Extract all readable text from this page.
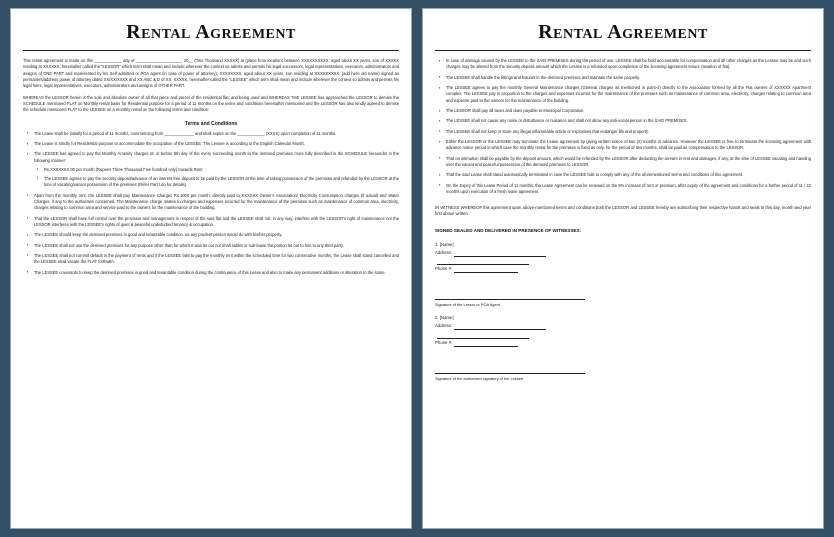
Rental Agreement

This rental agreement is made on this ____________ day of ____________________, 20__ (Two Thousand XXXXX) at (place from location) between XXXXXXXXXX, aged about XX years, son of XXXXX residing at XXXXXX, hereinafter called the "LESSOR" which term shall mean and include wherever the context so admits and permits his legal successors, legal representatives, executors, administrators and assigns of ONE PART and represented by his Self admitted or POA agent (in case of power of attorney), XXXXXXXX, aged about XX years, son residing at XXXXXXXXX, (add here old name) signed as permanent/address power of attorney dated XX/XX/XXXX and XX ABC & D of XX, XXXXX, hereinafter called the "LESSEE" which term shall mean and include wherever the context so admits and permits his legal heirs, legal representatives, executors, administrators and assigns of OTHER PART.

WHEREAS the LESSOR herein is the sole and absolute owner of all that piece and parcel of the residential flat, and being used and WHEREAS THE LESSEE has approached the LESSOR to demise the SCHEDULE mentioned FLAT on Monthly rental basis for Residential purpose for a period of 11 months on the terms and conditions hereinafter mentioned and the LESSOR has also kindly agreed to demise the schedule mentioned FLAT to the LESSEE on a monthly rental on the following terms and condition:

Terms and Conditions
▪ The Lease shall be initially for a period of 11 months, commencing from _____________ and shall expire on the ____________ (XXXX) upon completion of 11 months.
▪ The Lease is strictly for Residential purpose to accommodate the occupation of the LESSEE. The Lessee is according to the English Calendar Month.
▪ The LESSEE has agreed to pay the Monthly Amenity charges on or before 5th day of the every succeeding month to the demised premises more fully described in the SCHEDULE hereunder in the following manner:
▪ Rs.XXXXXXX.00 per month (Rupees Three Thousand Five hundred only) towards Rent
▪ The LESSEE agrees to pay the security deposit/advance of an interest free deposit to be paid by the LESSOR at the time of taking possession of the premises and refunded by the LESSOR at the time of vacating/vacant possession of the premises (Refer Part I.do for details)
▪ Apart from the monthly rent, the LESSEE shall pay Maintenance Charges Rs.1000 per month, directly paid to XXXXXX Owner's Association/ Electricity Consumption charges (if actual) and Water Charges, if any to the authorities concerned. The Maintenance charge relates to charges and expenses incurred for the maintenance of the premises such as maintenance of common area, electricity, charges relating to common area and service paid to the owners for the maintenance of the building.
▪ That the LESSOR shall have full control over the provision and management in respect of the said flat and the LESSEE shall not, in any way, interfere with the LESSOR's right of maintenance nor the LESSOR interferes with the LESSEE's rights of quiet & peaceful undisturbed tenancy & occupation.
▪ The LESSEE should keep the demised premises in good and tenantable condition, as any prudent person would do with his/her property.
▪ The LESSEE shall not use the demised premises for any purpose other than for which it was let out nor shall sublet or sub-lease the portion let out to him to any third party.
▪ The LESSEE shall not commit default in the payment of rents and if the LESSEE fails to pay the monthly rent within the scheduled time for two consecutive months, the Lease shall stand cancelled and the LESSEE shall vacate the FLAT forthwith.
▪ The LESSEE covenants to keep the demised premises in good and tenantable condition during the continuance of this Lease and also to make any permanent additions or alteration to the same.
Rental Agreement
▪ In case of damage caused by the LESSEE to the SAID PREMISES during the period of use, LESSEE shall be held accountable for compensation and all other charges as the Lessee may be and such charges may be altered from the security deposit amount which the Lessee is a refunded upon completion of the licensing agreement tenure (taxation of flat).
▪ The LESSEE shall handle the fittings and fixtures in the demised premises and maintain the same properly.
▪ The LESSEE agrees to pay the monthly General Maintenance charges (General charges as mentioned in point-4) directly to the Association formed by all the Flat owners of XXXXXX Apartment complex. The LESSEE pay in proportion to the charges and expenses incurred for the maintenance of the premises such as maintenance of common area, electricity, charges relating to common area and expense paid to the owners for the maintenance of the building.
▪ The LESSOR shall pay all taxes and dues payable to Municipal Corporation.
▪ The LESSEE shall not cause any noise or disturbance or nuisance and shall not allow any anti-social person in the SAID PREMISES.
▪ The LESSEE shall not keep or store any illegal inflammable article or explosives that endanger life and property.
▪ Either the LESSOR or the LESSEE may terminate the Lease agreement by giving written notice of two (2) months in advance. However the LESSEE is free to terminate the licensing agreement with advance notice period in which case the monthly rental for the premises is fixed as only, for the period of two months, shall be paid as compensation to the LESSOR.
▪ That on intimation shall be payable by the deposit amount, which would be refunded by the LESSOR after deducting the arrears in rent and damages, if any, at the time of LESSEE vacating and handing over the vacant and peaceful possession of the demised premises to LESSOR.
▪ That the said Lease shall stand automatically terminated in case the LESSEE fails to comply with any of the aforementioned terms and conditions of this agreement.
▪ On the Expiry of this Lease Period of 11 months, the Lease Agreement can be renewed on the 5% increase of rent or premium, after expiry of the agreement and conditions for a further period of 11 / 22 months upon execution of a fresh lease agreement.

IN WITNESS WHEREOF this agreement upon above-mentioned terms and conditions both the LESSOR and LESSEE hereby are subscribing their respective hands and seals to this day, month and year first above written.

SIGNED SEALED AND DELIVERED IN PRESENCE OF WITNESSES:
1. [Name]
Address:
Phone #:
Signature of the Lessor or POA Agent
2. [Name]
Address:
Phone #:
Signature of the authorized signatory of the Lessee
